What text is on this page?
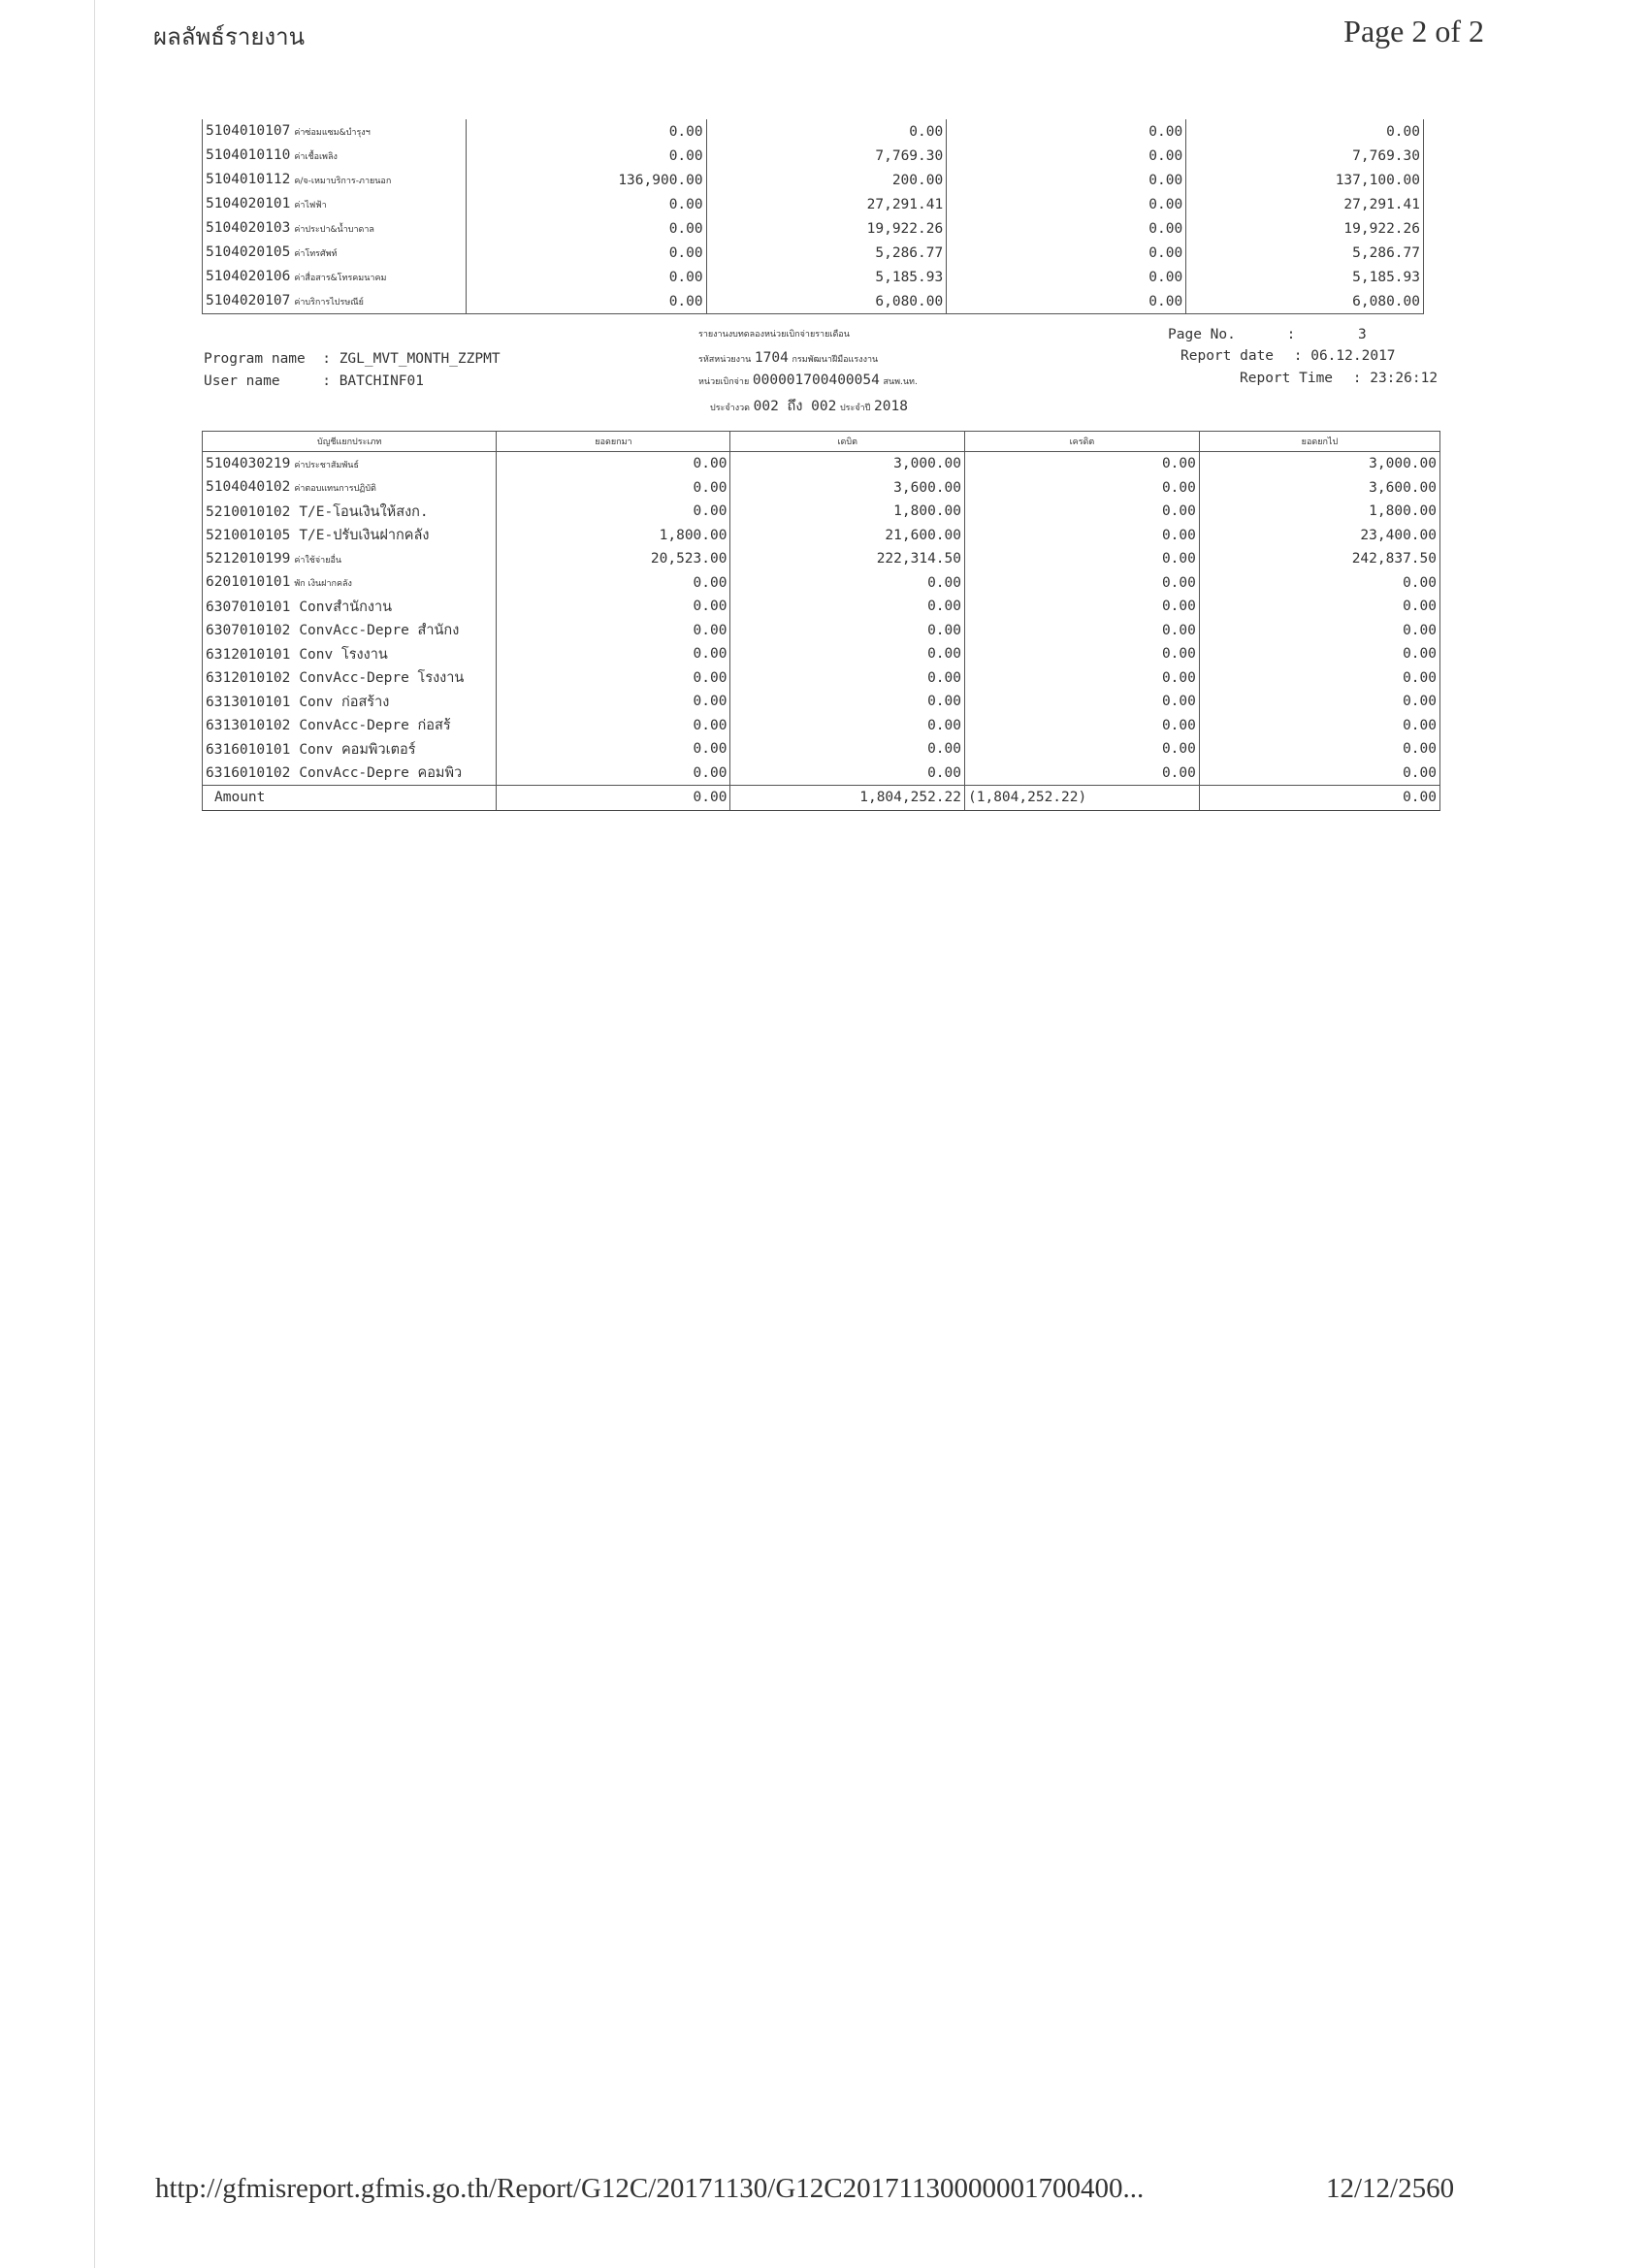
ผลลัพธ์รายงาน	Page 2 of 2
5104010107 ค่าซ่อมแซม&บำรุงฯ	0.00	0.00	0.00	0.00
5104010110 ค่าเชื้อเพลิง	0.00	7,769.30	0.00	7,769.30
5104010112 ค/จ-เหมาบริการ-ภายนอก	136,900.00	200.00	0.00	137,100.00
5104020101 ค่าไฟฟ้า	0.00	27,291.41	0.00	27,291.41
5104020103 ค่าประปา&น้ำบาดาล	0.00	19,922.26	0.00	19,922.26
5104020105 ค่าโทรศัพท์	0.00	5,286.77	0.00	5,286.77
5104020106 ค่าสื่อสาร&โทรคมนาคม	0.00	5,185.93	0.00	5,185.93
5104020107 ค่าบริการไปรษณีย์	0.00	6,080.00	0.00	6,080.00
รายงานงบทดลองหน่วยเบิกจ่ายรายเดือน
Program name : ZGL_MVT_MONTH_ZZPMT
User name	: BATCHINF01
รหัสหน่วยงาน 1704 กรมพัฒนาฝีมือแรงงาน
หน่วยเบิกจ่าย 000001700400054 สนพ.นท.
ประจำงวด 002 ถึง 002 ประจำปี 2018
Page No.	:	3
Report date : 06.12.2017
Report Time : 23:26:12
บัญชีแยกประเภท	ยอดยกมา	เดบิต	เครดิต	ยอดยกไป
5104030219 ค่าประชาสัมพันธ์	0.00	3,000.00	0.00	3,000.00
5104040102 ค่าตอบแทนการปฏิบัติ	0.00	3,600.00	0.00	3,600.00
5210010102 T/E-โอนเงินให้สงก.	0.00	1,800.00	0.00	1,800.00
5210010105 T/E-ปรับเงินฝากคลัง	1,800.00	21,600.00	0.00	23,400.00
5212010199 ค่าใช้จ่ายอื่น	20,523.00	222,314.50	0.00	242,837.50
6201010101 พัก เงินฝากคลัง	0.00	0.00	0.00	0.00
6307010101 Convสำนักงาน	0.00	0.00	0.00	0.00
6307010102 ConvAcc-Depre สำนักง	0.00	0.00	0.00	0.00
6312010101 Conv โรงงาน	0.00	0.00	0.00	0.00
6312010102 ConvAcc-Depre โรงงาน	0.00	0.00	0.00	0.00
6313010101 Conv ก่อสร้าง	0.00	0.00	0.00	0.00
6313010102 ConvAcc-Depre ก่อสร้	0.00	0.00	0.00	0.00
6316010101 Conv คอมพิวเตอร์	0.00	0.00	0.00	0.00
6316010102 ConvAcc-Depre คอมพิว	0.00	0.00	0.00	0.00
Amount	0.00	1,804,252.22	(1,804,252.22)	0.00
http://gfmisreport.gfmis.go.th/Report/G12C/20171130/G12C20171130000001700400...	12/12/2560
